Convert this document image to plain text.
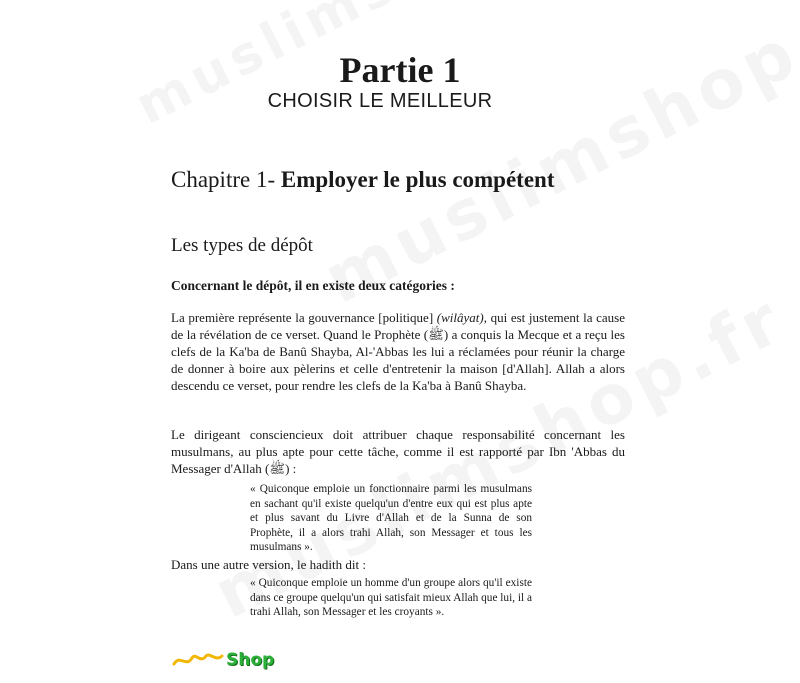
Partie 1
CHOISIR LE MEILLEUR
Chapitre 1- Employer le plus compétent
Les types de dépôt
Concernant le dépôt, il en existe deux catégories :
La première représente la gouvernance [politique] (wilâyat), qui est justement la cause de la révélation de ce verset. Quand le Prophète (ﷺ) a conquis la Mecque et a reçu les clefs de la Ka'ba de Banû Shayba, Al-'Abbas les lui a réclamées pour réunir la charge de donner à boire aux pèlerins et celle d'entretenir la maison [d'Allah]. Allah a alors descendu ce verset, pour rendre les clefs de la Ka'ba à Banû Shayba.
Le dirigeant consciencieux doit attribuer chaque responsabilité concernant les musulmans, au plus apte pour cette tâche, comme il est rapporté par Ibn 'Abbas du Messager d'Allah (ﷺ) :
« Quiconque emploie un fonctionnaire parmi les musulmans en sachant qu'il existe quelqu'un d'entre eux qui est plus apte et plus savant du Livre d'Allah et de la Sunna de son Prophète, il a alors trahi Allah, son Messager et tous les musulmans ».
Dans une autre version, le hadith dit :
« Quiconque emploie un homme d'un groupe alors qu'il existe dans ce groupe quelqu'un qui satisfait mieux Allah que lui, il a trahi Allah, son Messager et les croyants ».
Shop
